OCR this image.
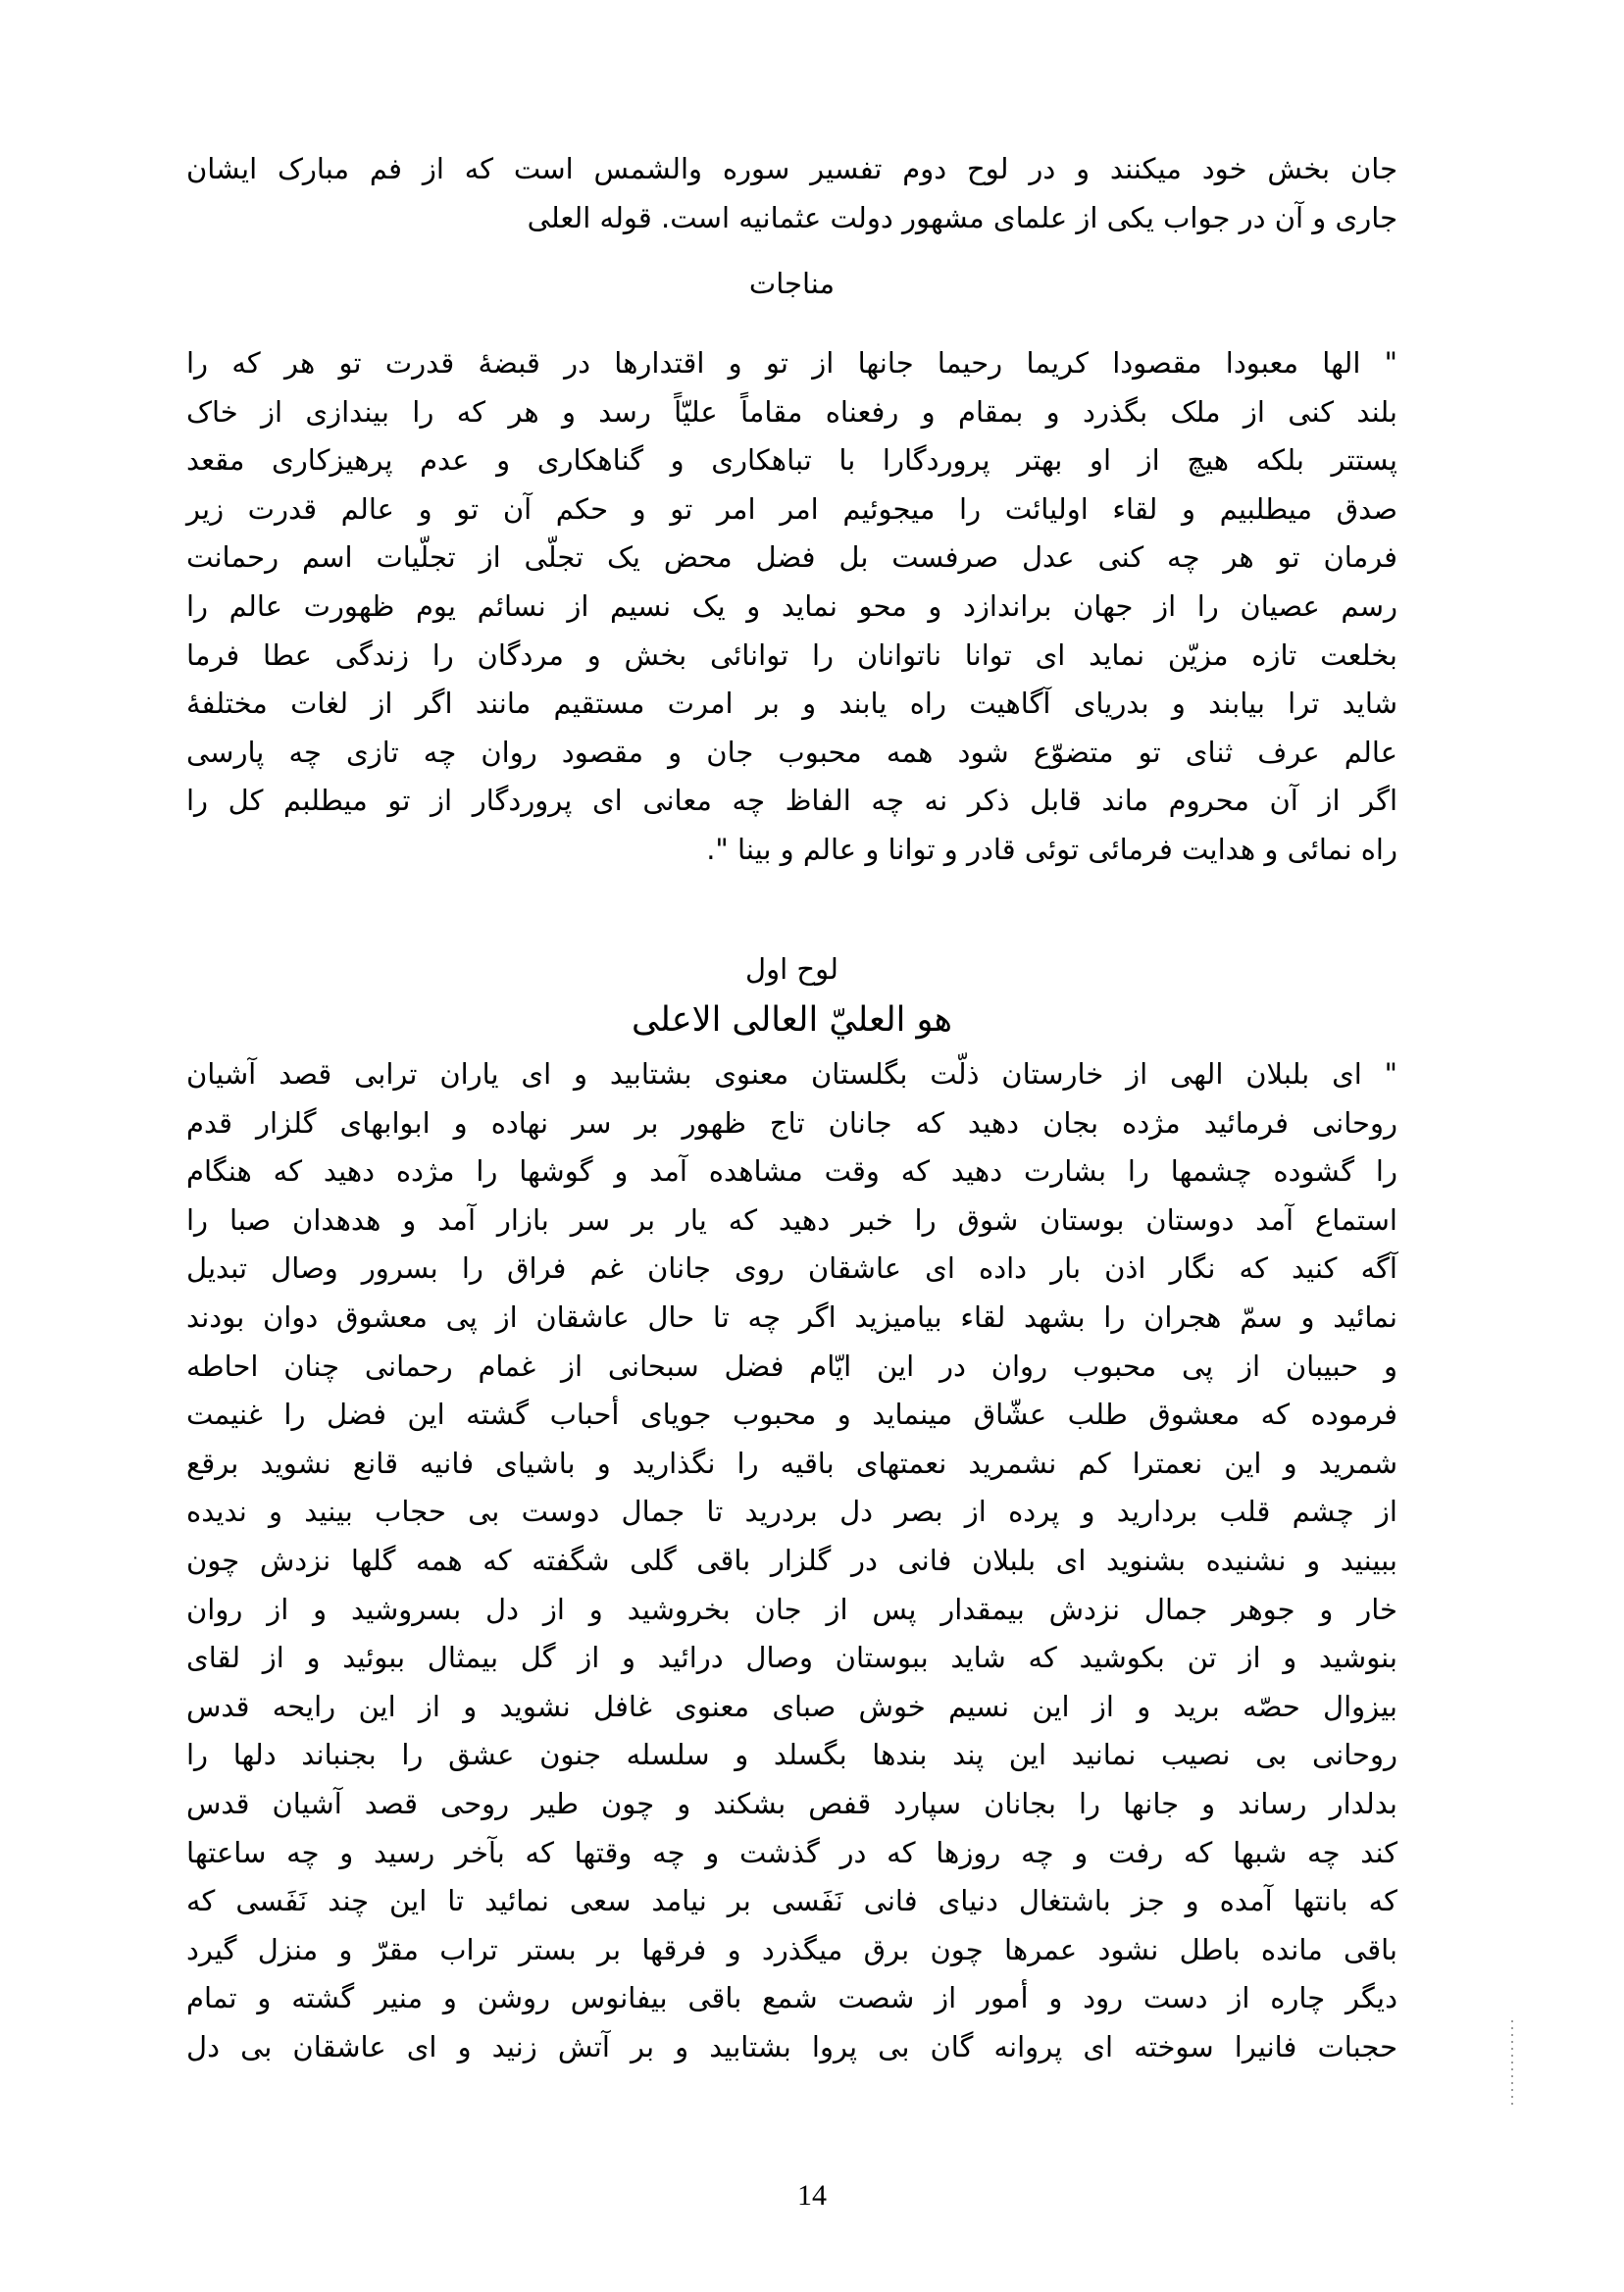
جان بخش خود میکنند و در لوح دوم تفسیر سوره والشمس است که از فم مبارک ایشان
جاری و آن در جواب یکی از علمای مشهور دولت عثمانیه است. قوله العلی
مناجات
" الها معبودا مقصودا کریما رحیما جانها از تو و اقتدارها در قبضهٔ قدرت تو هر که را
بلند کنی از ملک بگذرد و بمقام و رفعناه مقاماً علیّاً رسد و هر که را بیندازی از خاک
پستتر بلکه هیچ از او بهتر پروردگارا با تباهکاری و گناهکاری و عدم پرهیزکاری مقعد
صدق میطلبیم و لقاء اولیائت را میجوئیم امر امر تو و حکم آن تو و عالم قدرت زیر
فرمان تو هر چه کنی عدل صرفست بل فضل محض یک تجلّی از تجلّیات اسم رحمانت
رسم عصیان را از جهان براندازد و محو نماید و یک نسیم از نسائم یوم ظهورت عالم را
بخلعت تازه مزیّن نماید ای توانا ناتوانان را توانائی بخش و مردگان را زندگی عطا فرما
شاید ترا بیابند و بدریای آگاهیت راه یابند و بر امرت مستقیم مانند اگر از لغات مختلفهٔ
عالم عرف ثنای تو متضوّع شود همه محبوب جان و مقصود روان چه تازی چه پارسی
اگر از آن محروم ماند قابل ذکر نه چه الفاظ چه معانی ای پروردگار از تو میطلبم کل را
راه نمائی و هدایت فرمائی توئی قادر و توانا و عالم و بینا ".
لوح اول
هو العليّ العالی الاعلی
" ای بلبلان الهی از خارستان ذلّت بگلستان معنوی بشتابید و ای یاران ترابی قصد آشیان
روحانی فرمائید مژده بجان دهید که جانان تاج ظهور بر سر نهاده و ابوابهای گلزار قدم
را گشوده چشمها را بشارت دهید که وقت مشاهده آمد و گوشها را مژده دهید که هنگام
استماع آمد دوستان بوستان شوق را خبر دهید که یار بر سر بازار آمد و هدهدان صبا را
آگه کنید که نگار اذن بار داده ای عاشقان روی جانان غم فراق را بسرور وصال تبدیل
نمائید و سمّ هجران را بشهد لقاء بیامیزید اگر چه تا حال عاشقان از پی معشوق دوان بودند
و حبیبان از پی محبوب روان در این ایّام فضل سبحانی از غمام رحمانی چنان احاطه
فرموده که معشوق طلب عشّاق مینماید و محبوب جویای أحباب گشته این فضل را غنیمت
شمرید و این نعمترا کم نشمرید نعمتهای باقیه را نگذارید و باشیای فانیه قانع نشوید برقع
از چشم قلب بردارید و پرده از بصر دل بردرید تا جمال دوست بی حجاب بینید و ندیده
ببینید و نشنیده بشنوید ای بلبلان فانی در گلزار باقی گلی شگفته که همه گلها نزدش چون
خار و جوهر جمال نزدش بیمقدار پس از جان بخروشید و از دل بسروشید و از روان
بنوشید و از تن بکوشید که شاید ببوستان وصال درائید و از گل بیمثال ببوئید و از لقای
بیزوال حصّه برید و از این نسیم خوش صبای معنوی غافل نشوید و از این رایحه قدس
روحانی بی نصیب نمانید این پند بندها بگسلد و سلسله جنون عشق را بجنباند دلها را
بدلدار رساند و جانها را بجانان سپارد قفص بشکند و چون طیر روحی قصد آشیان قدس
کند چه شبها که رفت و چه روزها که در گذشت و چه وقتها که بآخر رسید و چه ساعتها
که بانتها آمده و جز باشتغال دنیای فانی نَفَسی بر نیامد سعی نمائید تا این چند نَفَسی که
باقی مانده باطل نشود عمرها چون برق میگذرد و فرقها بر بستر تراب مقرّ و منزل گیرد
دیگر چاره از دست رود و أمور از شصت شمع باقی بیفانوس روشن و منیر گشته و تمام
حجبات فانیرا سوخته ای پروانه گان بی پروا بشتابید و بر آتش زنید و ای عاشقان بی دل
14
